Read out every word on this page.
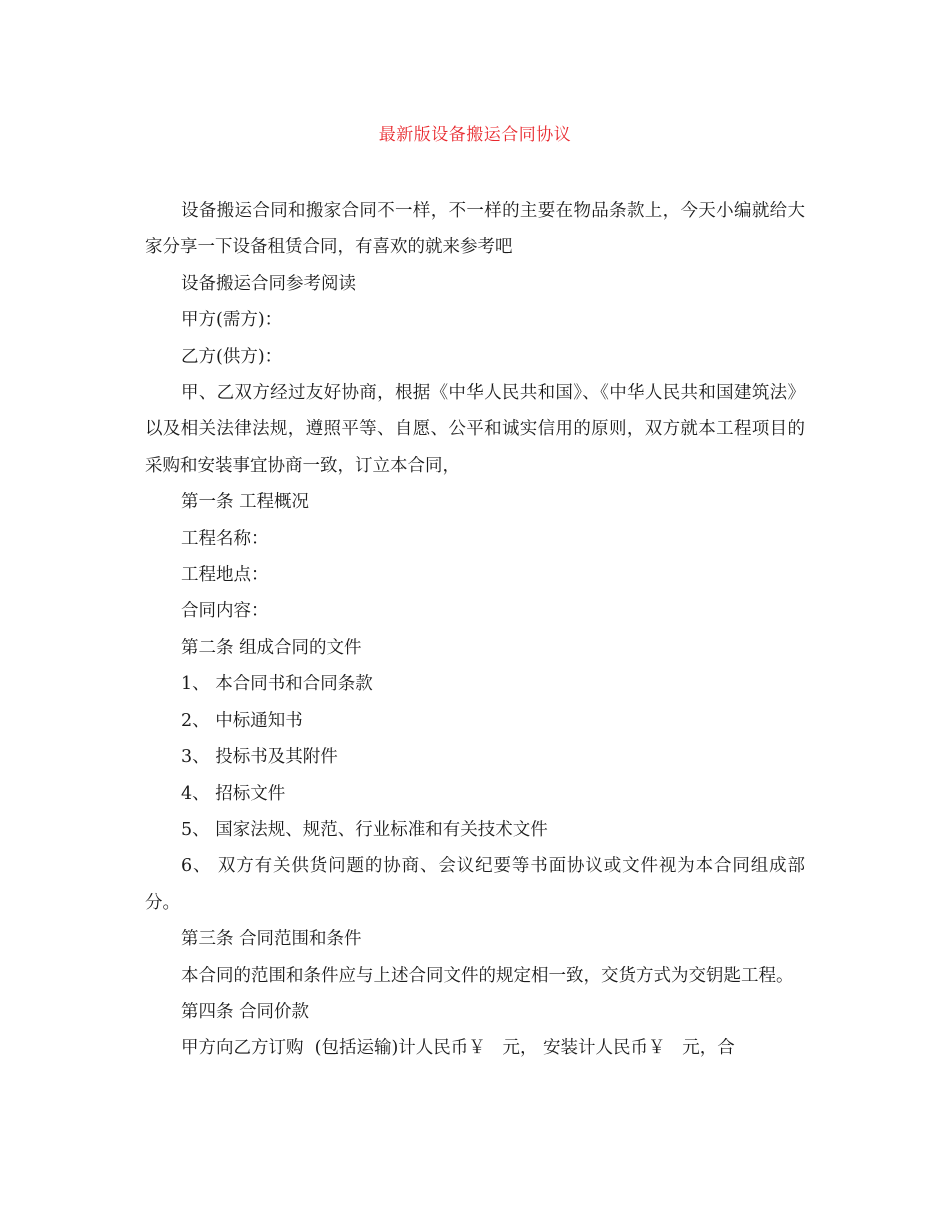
最新版设备搬运合同协议

设备搬运合同和搬家合同不一样，不一样的主要在物品条款上，今天小编就给大家分享一下设备租赁合同，有喜欢的就来参考吧

设备搬运合同参考阅读

甲方(需方)：

乙方(供方)：

甲、乙双方经过友好协商，根据《中华人民共和国》、《中华人民共和国建筑法》以及相关法律法规，遵照平等、自愿、公平和诚实信用的原则，双方就本工程项目的采购和安装事宜协商一致，订立本合同，

第一条 工程概况

工程名称：

工程地点：

合同内容：

第二条 组成合同的文件

1、 本合同书和合同条款

2、 中标通知书

3、 投标书及其附件

4、 招标文件

5、 国家法规、规范、行业标准和有关技术文件

6、 双方有关供货问题的协商、会议纪要等书面协议或文件视为本合同组成部分。

第三条 合同范围和条件

本合同的范围和条件应与上述合同文件的规定相一致，交货方式为交钥匙工程。

第四条 合同价款

甲方向乙方订购  (包括运输)计人民币￥   元， 安装计人民币￥   元，合
